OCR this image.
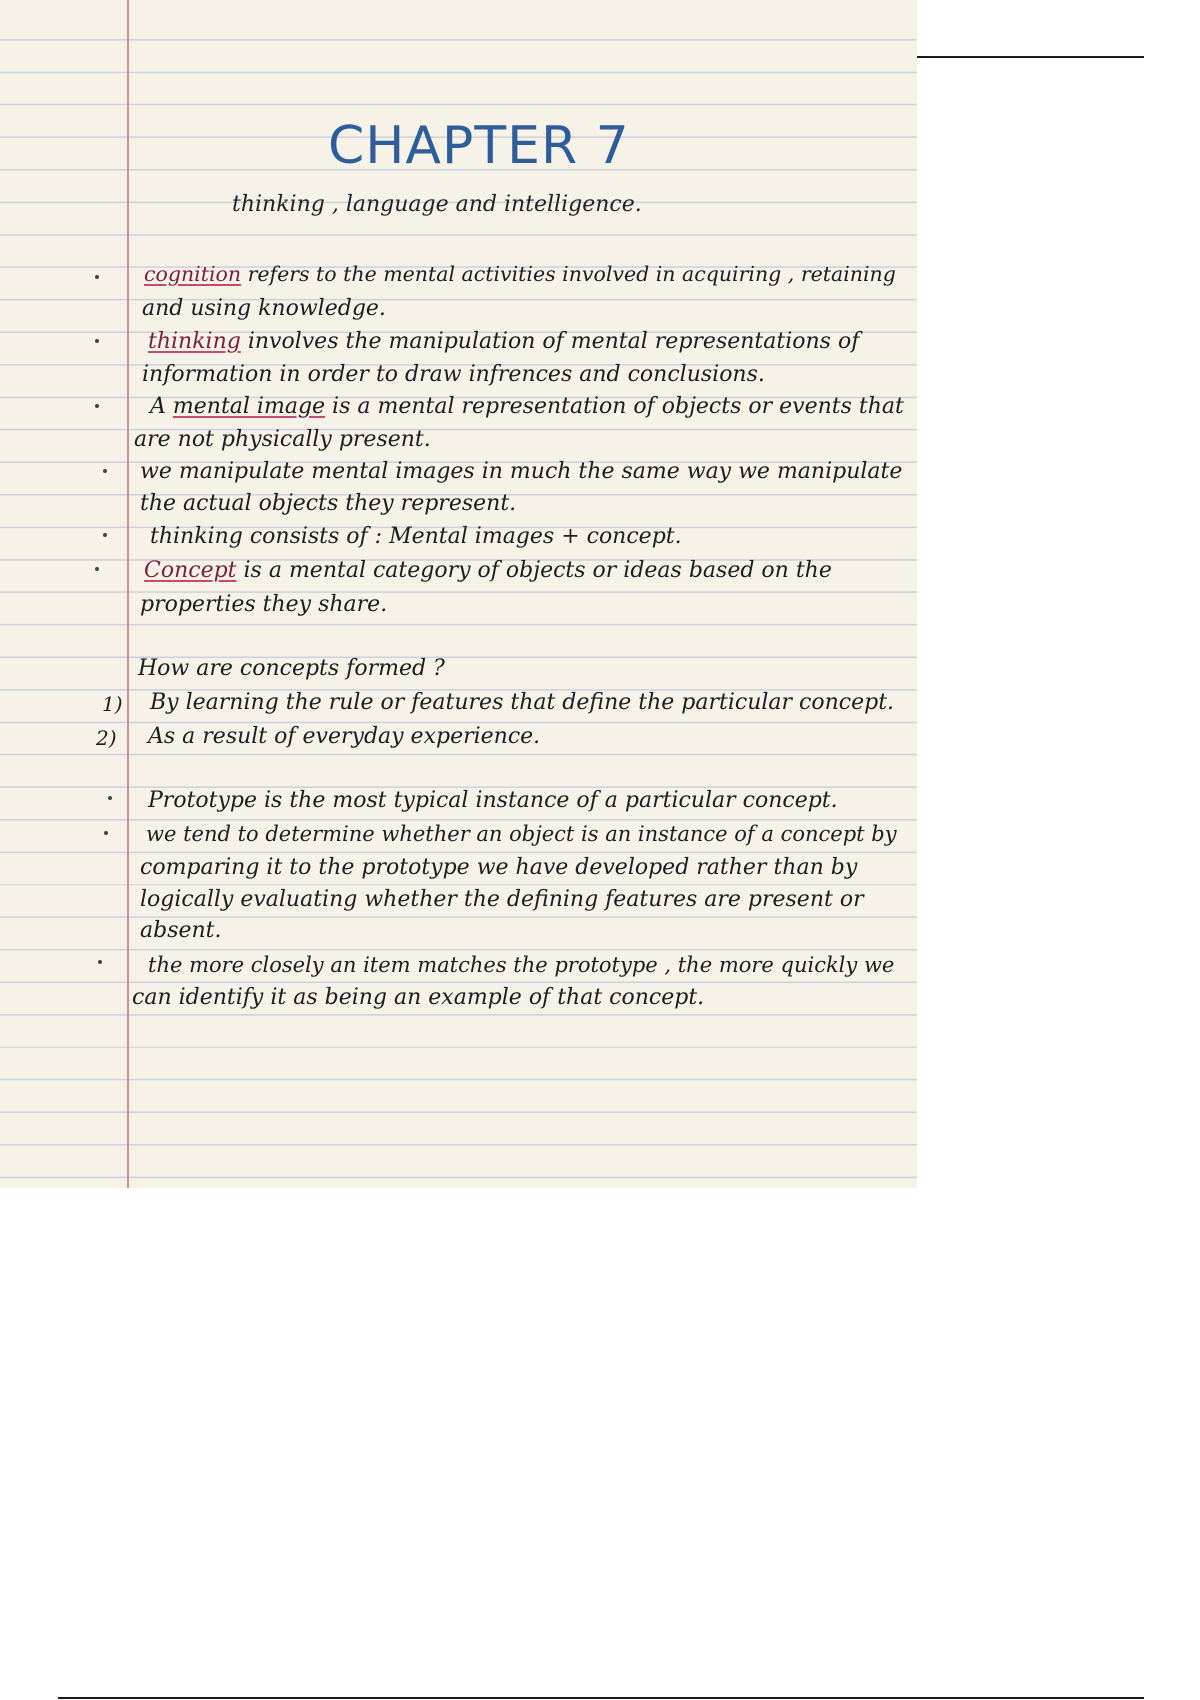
CHAPTER 7
thinking , language and intelligence.
cognition refers to the mental activities involved in acquiring , retaining
and using knowledge.
thinking involves the manipulation of mental representations of
information in order to draw infrences and conclusions.
A mental image is a mental representation of objects or events that
are not physically present.
we manipulate mental images in much the same way we manipulate
the actual objects they represent.
thinking consists of : Mental images + concept.
Concept is a mental category of objects or ideas based on the
properties they share.
How are concepts formed ?
1) By learning the rule or features that define the particular concept.
2) As a result of everyday experience.
Prototype is the most typical instance of a particular concept.
we tend to determine whether an object is an instance of a concept by
comparing it to the prototype we have developed rather than by
logically evaluating whether the defining features are present or
absent.
the more closely an item matches the prototype , the more quickly we
can identify it as being an example of that concept.
